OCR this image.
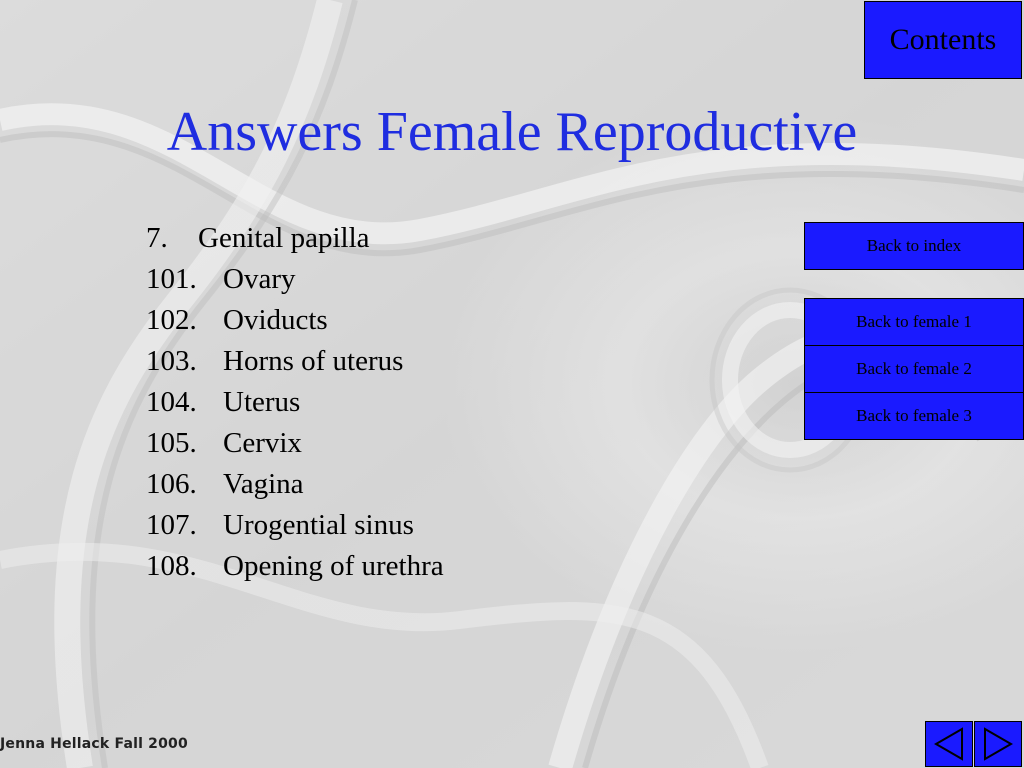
Contents
Answers Female Reproductive
7. Genital papilla
101. Ovary
102. Oviducts
103. Horns of uterus
104. Uterus
105. Cervix
106. Vagina
107. Urogential sinus
108. Opening of urethra
Back to index
Back to female 1
Back to female 2
Back to female 3
Jenna Hellack Fall 2000
